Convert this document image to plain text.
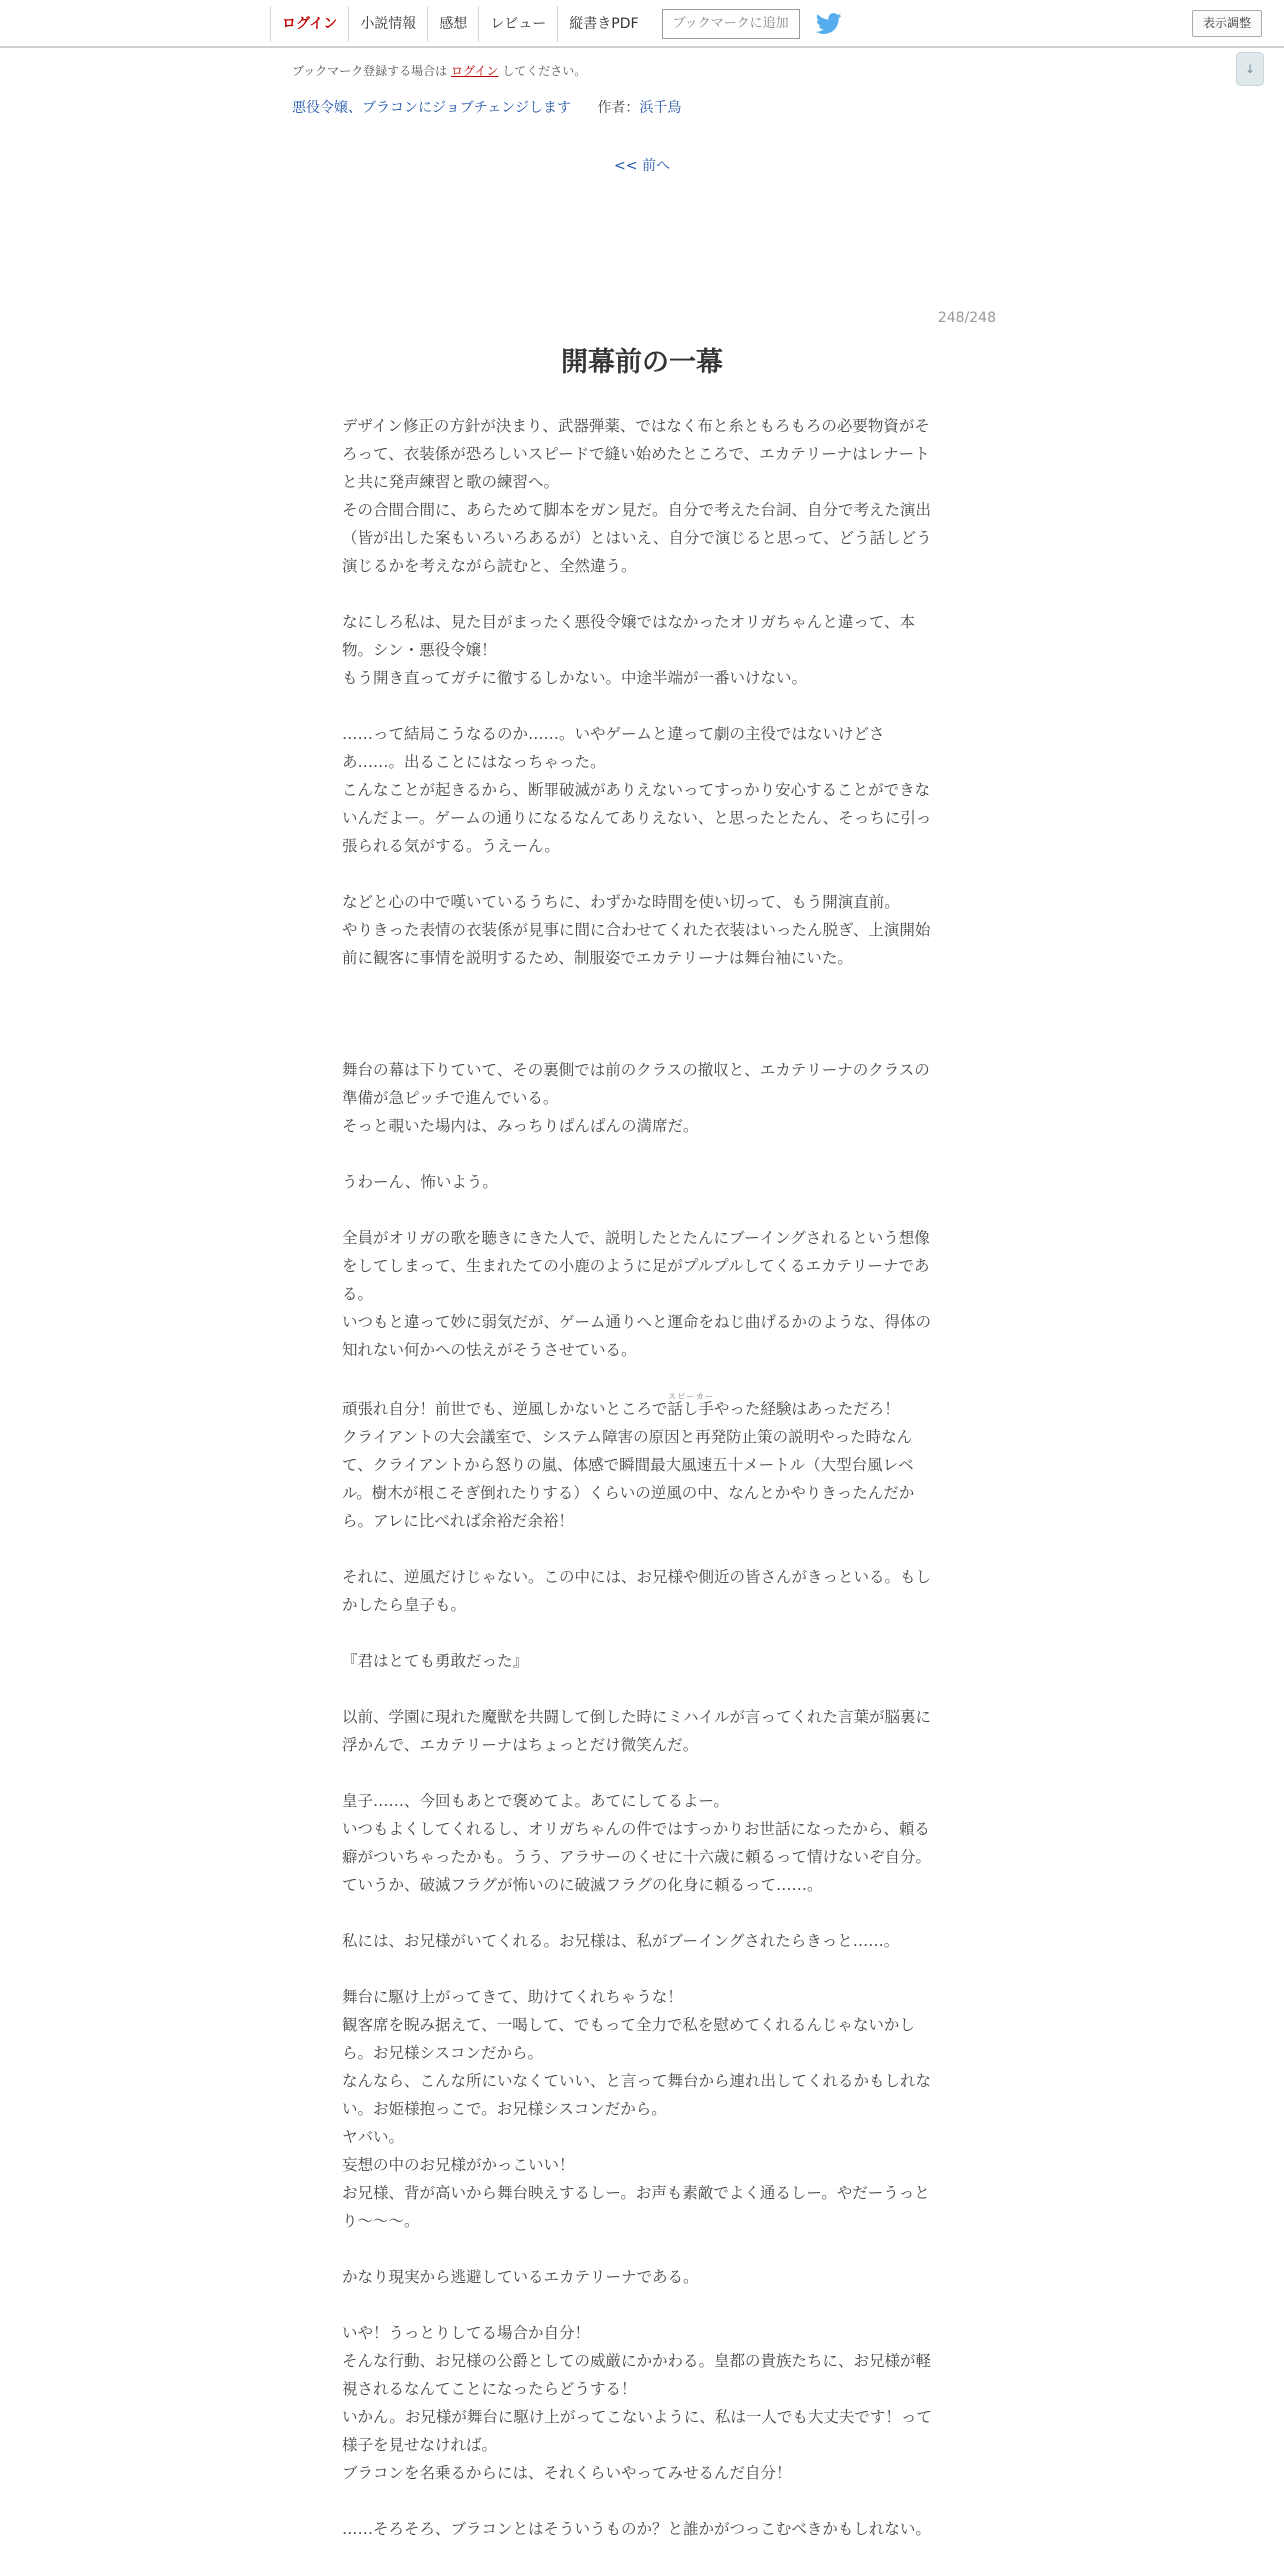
ログイン	小説情報	感想	レビュー	縦書きPDF	ブックマークに追加	表示調整
↓
ブックマーク登録する場合は ログイン してください。
悪役令嬢、ブラコンにジョブチェンジします 作者：浜千鳥
<< 前へ
248/248
開幕前の一幕

デザイン修正の方針が決まり、武器弾薬、ではなく布と糸ともろもろの必要物資がそろって、衣装係が恐ろしいスピードで縫い始めたところで、エカテリーナはレナートと共に発声練習と歌の練習へ。

その合間合間に、あらためて脚本をガン見だ。自分で考えた台詞、自分で考えた演出（皆が出した案もいろいろあるが）とはいえ、自分で演じると思って、どう話しどう演じるかを考えながら読むと、全然違う。

なにしろ私は、見た目がまったく悪役令嬢ではなかったオリガちゃんと違って、本物。シン・悪役令嬢！

もう開き直ってガチに徹するしかない。中途半端が一番いけない。

……って結局こうなるのか……。いやゲームと違って劇の主役ではないけどさあ……。出ることにはなっちゃった。

こんなことが起きるから、断罪破滅がありえないってすっかり安心することができないんだよー。ゲームの通りになるなんてありえない、と思ったとたん、そっちに引っ張られる気がする。うえーん。

などと心の中で嘆いているうちに、わずかな時間を使い切って、もう開演直前。

やりきった表情の衣装係が見事に間に合わせてくれた衣装はいったん脱ぎ、上演開始前に観客に事情を説明するため、制服姿でエカテリーナは舞台袖にいた。

舞台の幕は下りていて、その裏側では前のクラスの撤収と、エカテリーナのクラスの準備が急ピッチで進んでいる。

そっと覗いた場内は、みっちりぱんぱんの満席だ。

うわーん、怖いよう。

全員がオリガの歌を聴きにきた人で、説明したとたんにブーイングされるという想像をしてしまって、生まれたての小鹿のように足がプルプルしてくるエカテリーナである。

いつもと違って妙に弱気だが、ゲーム通りへと運命をねじ曲げるかのような、得体の知れない何かへの怯えがそうさせている。

頑張れ自分！前世でも、逆風しかないところで話し手スピーカーやった経験はあっただろ！

クライアントの大会議室で、システム障害の原因と再発防止策の説明やった時なんて、クライアントから怒りの嵐、体感で瞬間最大風速五十メートル（大型台風レベル。樹木が根こそぎ倒れたりする）くらいの逆風の中、なんとかやりきったんだから。アレに比べれば余裕だ余裕！

それに、逆風だけじゃない。この中には、お兄様や側近の皆さんがきっといる。もしかしたら皇子も。

『君はとても勇敢だった』

以前、学園に現れた魔獣を共闘して倒した時にミハイルが言ってくれた言葉が脳裏に浮かんで、エカテリーナはちょっとだけ微笑んだ。

皇子……、今回もあとで褒めてよ。あてにしてるよー。

いつもよくしてくれるし、オリガちゃんの件ではすっかりお世話になったから、頼る癖がついちゃったかも。うう、アラサーのくせに十六歳に頼るって情けないぞ自分。ていうか、破滅フラグが怖いのに破滅フラグの化身に頼るって……。

私には、お兄様がいてくれる。お兄様は、私がブーイングされたらきっと……。

舞台に駆け上がってきて、助けてくれちゃうな！

観客席を睨み据えて、一喝して、でもって全力で私を慰めてくれるんじゃないかしら。お兄様シスコンだから。

なんなら、こんな所にいなくていい、と言って舞台から連れ出してくれるかもしれない。お姫様抱っこで。お兄様シスコンだから。

ヤバい。

妄想の中のお兄様がかっこいい！

お兄様、背が高いから舞台映えするしー。お声も素敵でよく通るしー。やだーうっとり〜〜〜。

かなり現実から逃避しているエカテリーナである。

いや！うっとりしてる場合か自分！

そんな行動、お兄様の公爵としての威厳にかかわる。皇都の貴族たちに、お兄様が軽視されるなんてことになったらどうする！

いかん。お兄様が舞台に駆け上がってこないように、私は一人でも大丈夫です！って様子を見せなければ。

ブラコンを名乗るからには、それくらいやってみせるんだ自分！

……そろそろ、ブラコンとはそういうものか？と誰かがつっこむべきかもしれない。
